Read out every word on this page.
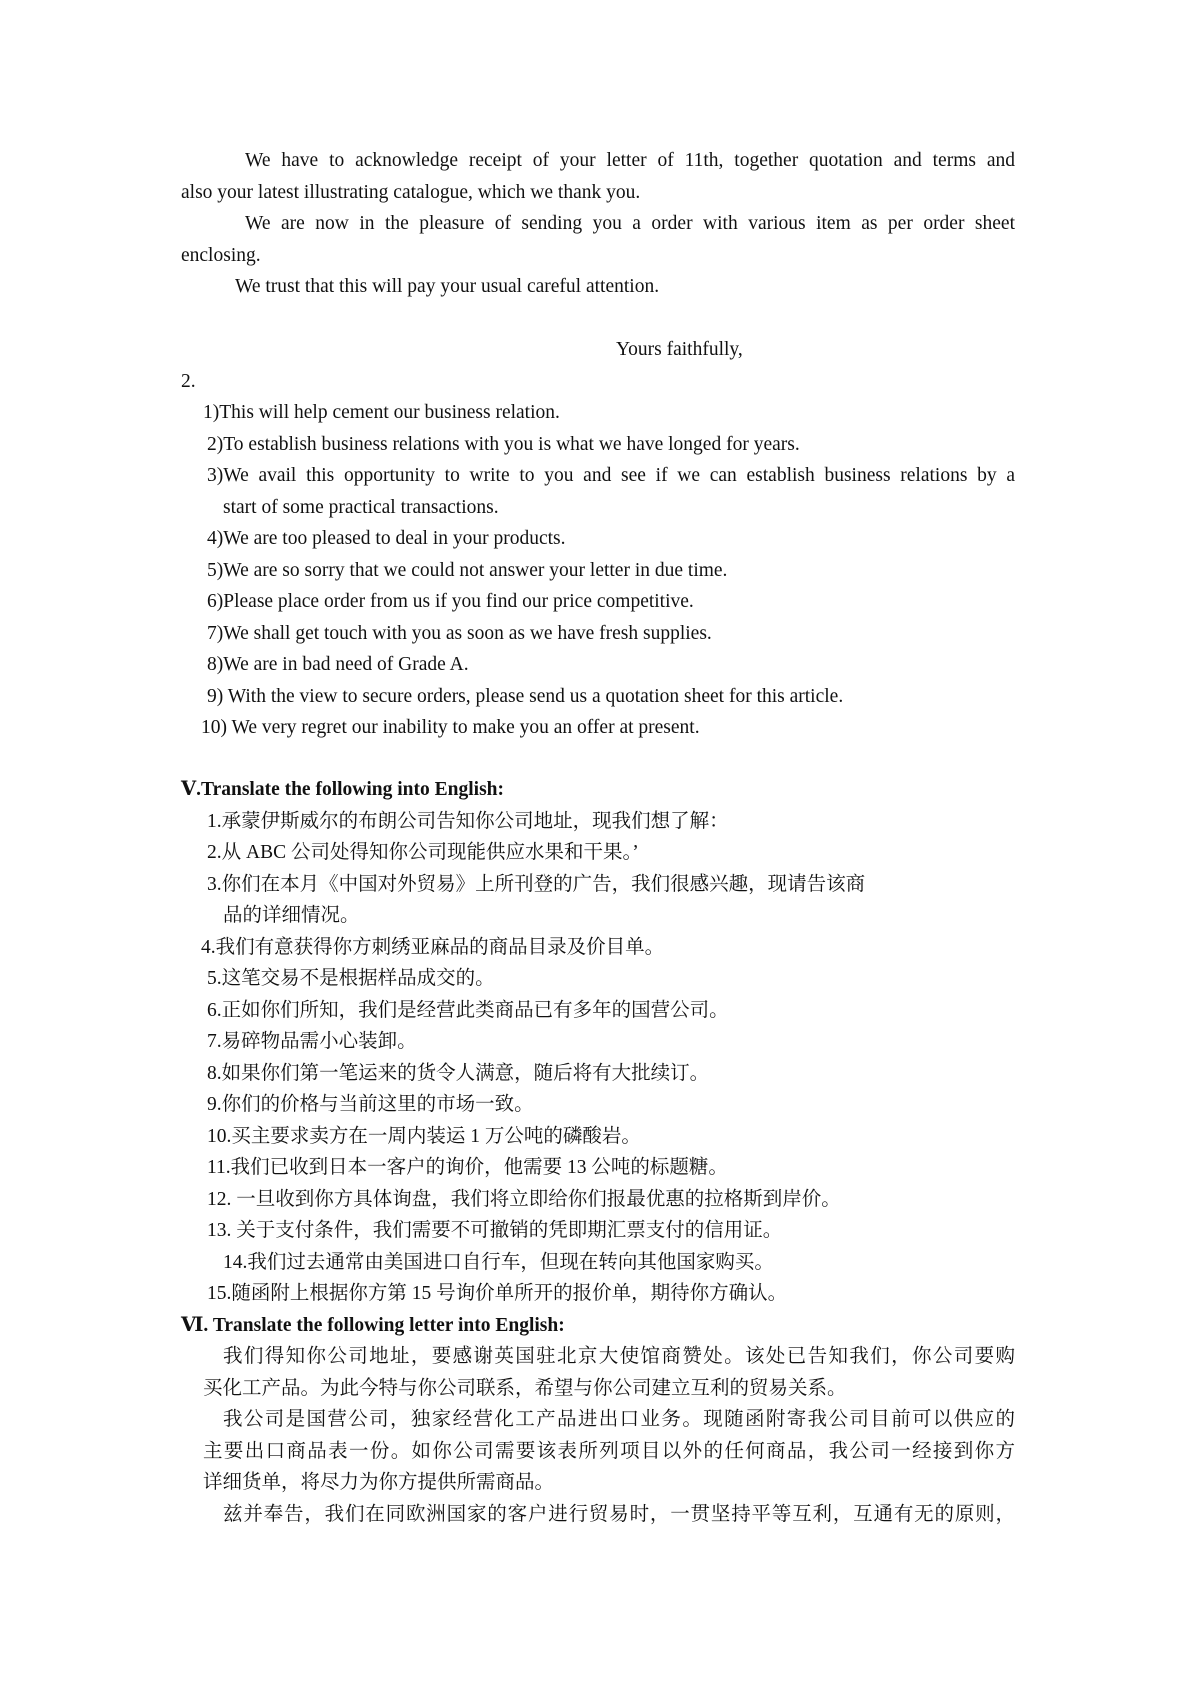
We have to acknowledge receipt of your letter of 11th, together quotation and terms and
also your latest illustrating catalogue, which we thank you.
We are now in the pleasure of sending you a order with various item as per order sheet
enclosing.
We trust that this will pay your usual careful attention.
Yours faithfully,
2.
1)This will help cement our business relation.
2)To establish business relations with you is what we have longed for years.
3)We avail this opportunity to write to you and see if we can establish business relations by a
start of some practical transactions.
4)We are too pleased to deal in your products.
5)We are so sorry that we could not answer your letter in due time.
6)Please place order from us if you find our price competitive.
7)We shall get touch with you as soon as we have fresh supplies.
8)We are in bad need of Grade A.
9) With the view to secure orders, please send us a quotation sheet for this article.
10) We very regret our inability to make you an offer at present.
Ⅴ.Translate the following into English:
1.承蒙伊斯威尔的布朗公司告知你公司地址，现我们想了解：
2.从 ABC 公司处得知你公司现能供应水果和干果。’
3.你们在本月《中国对外贸易》上所刊登的广告，我们很感兴趣，现请告该商
品的详细情况。
4.我们有意获得你方刺绣亚麻品的商品目录及价目单。
5.这笔交易不是根据样品成交的。
6.正如你们所知，我们是经营此类商品已有多年的国营公司。
7.易碎物品需小心装卸。
8.如果你们第一笔运来的货令人满意，随后将有大批续订。
9.你们的价格与当前这里的市场一致。
10.买主要求卖方在一周内装运 1 万公吨的磷酸岩。
11.我们已收到日本一客户的询价，他需要 13 公吨的标题糖。
12. 一旦收到你方具体询盘，我们将立即给你们报最优惠的拉格斯到岸价。
13. 关于支付条件，我们需要不可撤销的凭即期汇票支付的信用证。
14.我们过去通常由美国进口自行车，但现在转向其他国家购买。
15.随函附上根据你方第 15 号询价单所开的报价单，期待你方确认。
Ⅵ. Translate the following letter into English:
我们得知你公司地址，要感谢英国驻北京大使馆商赞处。该处已告知我们，你公司要购
买化工产品。为此今特与你公司联系，希望与你公司建立互利的贸易关系。
我公司是国营公司，独家经营化工产品进出口业务。现随函附寄我公司目前可以供应的
主要出口商品表一份。如你公司需要该表所列项目以外的任何商品，我公司一经接到你方
详细货单，将尽力为你方提供所需商品。
兹并奉告，我们在同欧洲国家的客户进行贸易时，一贯坚持平等互利，互通有无的原则，
